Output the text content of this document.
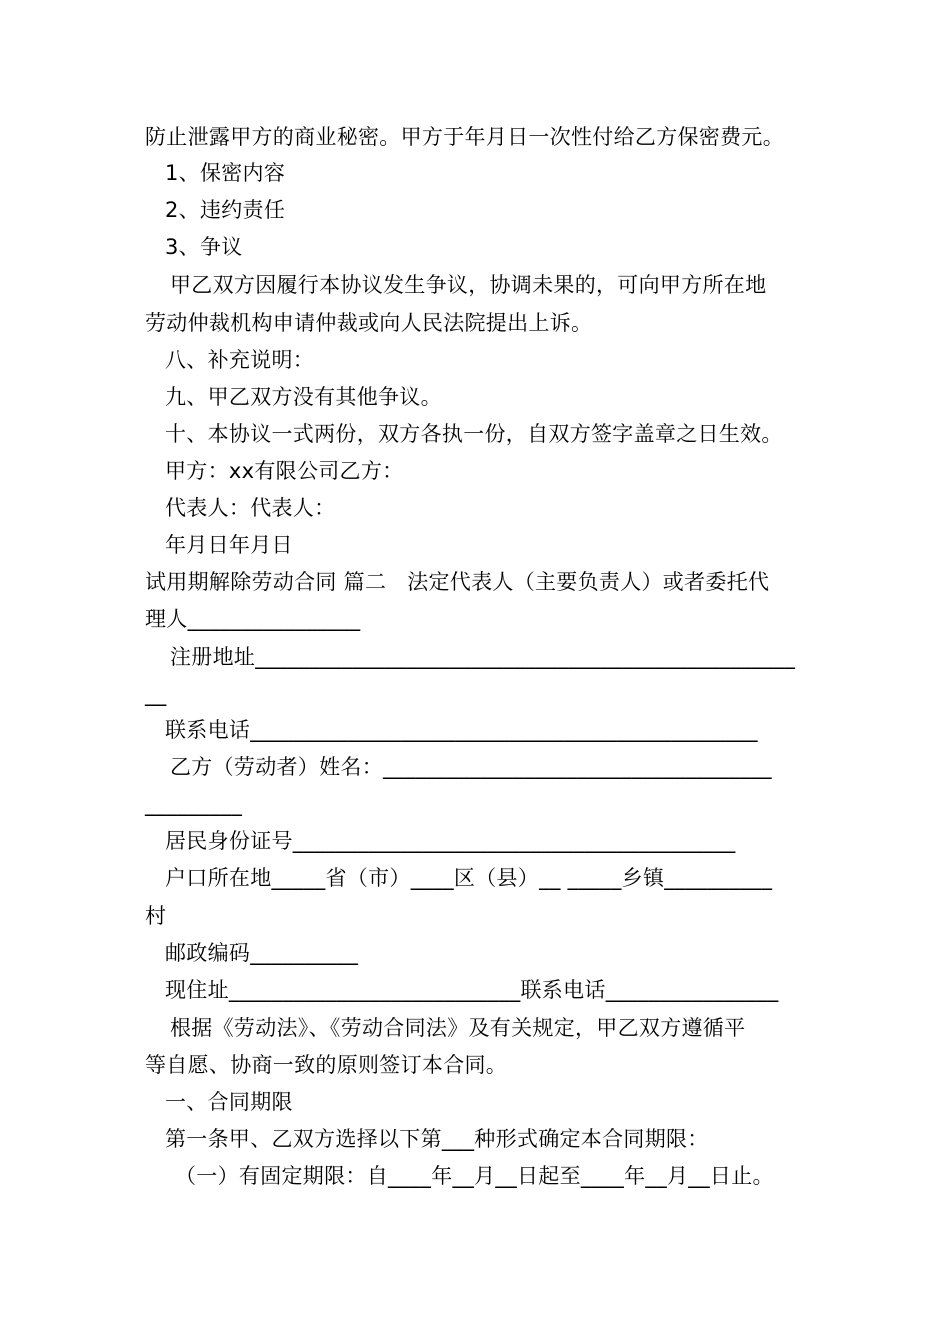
防止泄露甲方的商业秘密。甲方于年月日一次性付给乙方保密费元。
1、保密内容
2、违约责任
3、争议
甲乙双方因履行本协议发生争议，协调未果的，可向甲方所在地
劳动仲裁机构申请仲裁或向人民法院提出上诉。
八、补充说明：
九、甲乙双方没有其他争议。
十、本协议一式两份，双方各执一份，自双方签字盖章之日生效。
甲方：xx有限公司乙方：
代表人：代表人：
年月日年月日
试用期解除劳动合同 篇二   法定代表人（主要负责人）或者委托代
理人________________
注册地址__________________________________________________
__
联系电话_______________________________________________
乙方（劳动者）姓名：____________________________________
_________
居民身份证号_________________________________________
户口所在地_____省（市）____区（县）__ _____乡镇__________
村
邮政编码__________
现住址___________________________联系电话________________
根据《劳动法》、《劳动合同法》及有关规定，甲乙双方遵循平
等自愿、协商一致的原则签订本合同。
一、合同期限
第一条甲、乙双方选择以下第___种形式确定本合同期限：
（一）有固定期限：自____年__月__日起至____年__月__日止。
